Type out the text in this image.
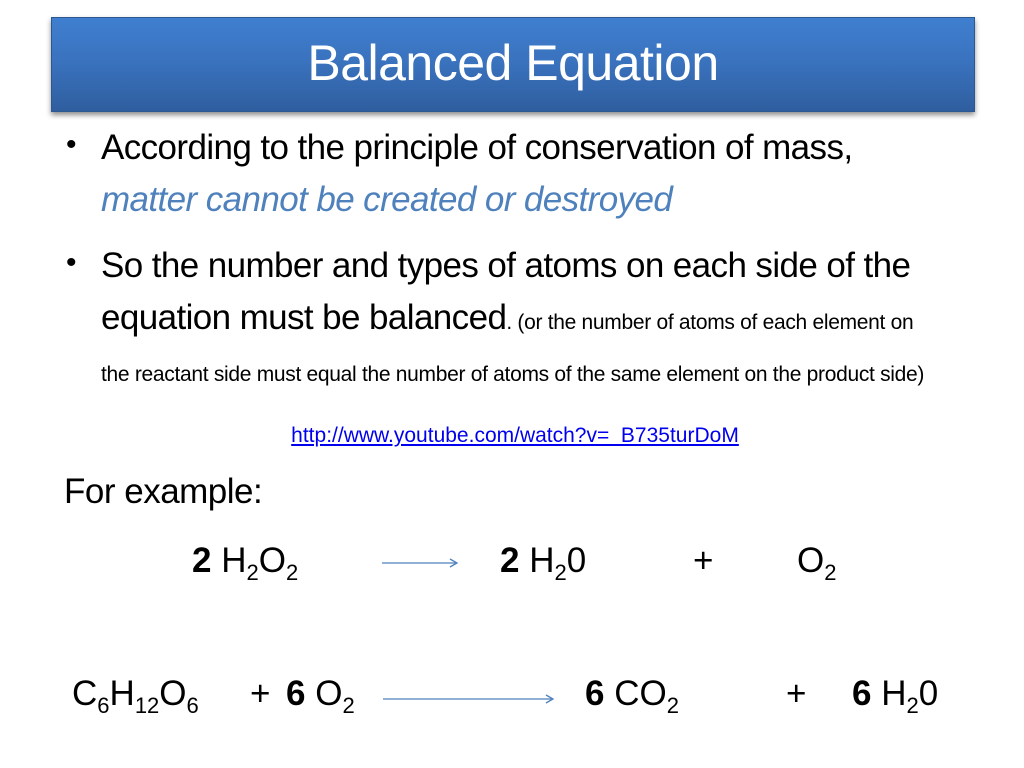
Balanced Equation
• According to the principle of conservation of mass, matter cannot be created or destroyed
• So the number and types of atoms on each side of the equation must be balanced. (or the number of atoms of each element on the reactant side must equal the number of atoms of the same element on the product side)
http://www.youtube.com/watch?v=_B735turDoM
For example:
2 $H_2O_2$	2 $H_20$	+ $O_2$
$C_6H_{12}O_6 + 6$ $O_2$	6 $CO_2$	+ 6 $H_20$
